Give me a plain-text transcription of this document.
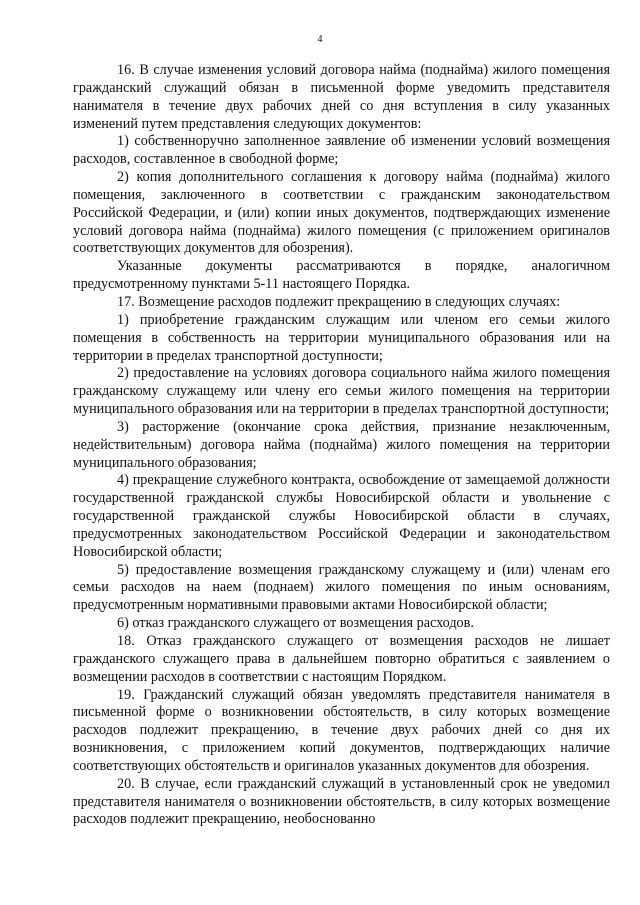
4

16. В случае изменения условий договора найма (поднайма) жилого помещения гражданский служащий обязан в письменной форме уведомить представителя нанимателя в течение двух рабочих дней со дня вступления в силу указанных изменений путем представления следующих документов:

1) собственноручно заполненное заявление об изменении условий возмещения расходов, составленное в свободной форме;

2) копия дополнительного соглашения к договору найма (поднайма) жилого помещения, заключенного в соответствии с гражданским законодательством Российской Федерации, и (или) копии иных документов, подтверждающих изменение условий договора найма (поднайма) жилого помещения (с приложением оригиналов соответствующих документов для обозрения).

Указанные документы рассматриваются в порядке, аналогичном предусмотренному пунктами 5-11 настоящего Порядка.

17. Возмещение расходов подлежит прекращению в следующих случаях:

1) приобретение гражданским служащим или членом его семьи жилого помещения в собственность на территории муниципального образования или на территории в пределах транспортной доступности;

2) предоставление на условиях договора социального найма жилого помещения гражданскому служащему или члену его семьи жилого помещения на территории муниципального образования или на территории в пределах транспортной доступности;

3) расторжение (окончание срока действия, признание незаключенным, недействительным) договора найма (поднайма) жилого помещения на территории муниципального образования;

4) прекращение служебного контракта, освобождение от замещаемой должности государственной гражданской службы Новосибирской области и увольнение с государственной гражданской службы Новосибирской области в случаях, предусмотренных законодательством Российской Федерации и законодательством Новосибирской области;

5) предоставление возмещения гражданскому служащему и (или) членам его семьи расходов на наем (поднаем) жилого помещения по иным основаниям, предусмотренным нормативными правовыми актами Новосибирской области;

6) отказ гражданского служащего от возмещения расходов.

18. Отказ гражданского служащего от возмещения расходов не лишает гражданского служащего права в дальнейшем повторно обратиться с заявлением о возмещении расходов в соответствии с настоящим Порядком.

19. Гражданский служащий обязан уведомлять представителя нанимателя в письменной форме о возникновении обстоятельств, в силу которых возмещение расходов подлежит прекращению, в течение двух рабочих дней со дня их возникновения, с приложением копий документов, подтверждающих наличие соответствующих обстоятельств и оригиналов указанных документов для обозрения.

20. В случае, если гражданский служащий в установленный срок не уведомил представителя нанимателя о возникновении обстоятельств, в силу которых возмещение расходов подлежит прекращению, необоснованно
